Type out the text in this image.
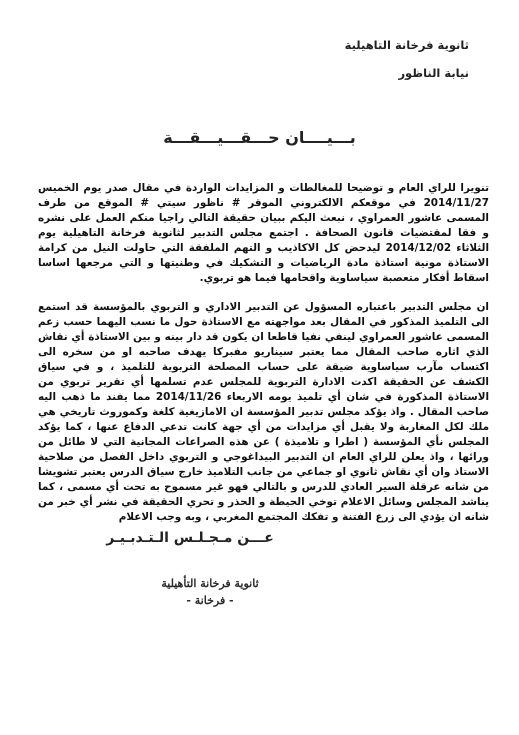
ثانوية فرخانة التاهيلية
نيابة الناظور
بـــيــــان حـــقـــيـــقـــة

تنويرا للراي العام و توضيحا للمغالطات و المزايدات الواردة في مقال صدر يوم الخميس 2014/11/27 في موقعكم الالكتروني الموقر # ناظور سيتي # الموقع من طرف المسمى عاشور العمراوي ، نبعث اليكم ببيان حقيقة التالي راجيا منكم العمل على نشره و فقا لمقتضيات قانون الصحافة . اجتمع مجلس التدبير لثانوية فرخانة التاهيلية يوم الثلاثاء 2014/12/02 ليدحض كل الاكاذيب و التهم الملفقة التي حاولت النيل من كرامة الاستاذة مونية استاذة مادة الرياضيات و التشكيك في وطنيتها و التي مرجعها اساسا اسقاط أفكار متعصبة سياساوية واقحامها فيما هو تربوي.

ان مجلس التدبير باعتباره المسؤول عن التدبير الاداري و التربوي بالمؤسسة قد استمع الى التلميذ المذكور في المقال بعد مواجهته مع الاستاذة حول ما نسب اليهما حسب زعم المسمى عاشور العمراوي لينفي نفيا قاطعا ان يكون قد دار بينه و بين الاستاذة أي نقاش الذي اثاره صاحب المقال مما يعتبر سيناريو مفبركا يهدف صاحبه او من سخره الى اكتساب مآرب سياساوية ضيقة على حساب المصلحة التربوية للتلميذ ، و في سياق الكشف عن الحقيقة اكدت الادارة التربوية للمجلس عدم تسلمها أي تقرير تربوي من الاستاذة المذكورة في شان أي تلميذ يومه الاربعاء 2014/11/26 مما يفند ما ذهب اليه صاحب المقال . واذ يؤكد مجلس تدبير المؤسسة ان الامازيغية كلغة وكموروث تاريخي هي ملك لكل المغاربة ولا يقبل أي مزايدات من أي جهة كانت تدعي الدفاع عنها ، كما يؤكد المجلس نأي المؤسسة ( اطرا و تلاميذة ) عن هذه الصراعات المجانية التي لا طائل من ورائها ، واذ يعلن للراي العام ان التدبير البيداغوجي و التربوي داخل الفصل من صلاحية الاستاذ وان أي نقاش ثانوي او جماعي من جانب التلاميذ خارج سياق الدرس يعتبر تشويشا من شانه عرقلة السير العادي للدرس و بالتالي فهو غير مسموح به تحت أي مسمى ، كما يناشد المجلس وسائل الاعلام توخي الحيطة و الحذر و تحري الحقيقة في نشر أي خبر من شانه ان يؤدي الى زرع الفتنة و تفكك المجتمع المغربي ، وبه وجب الاعلام

عـــن مـجـلـس الـتـدبـيـر
ثانوية فرخانة التأهيلية
- فرخانة -
